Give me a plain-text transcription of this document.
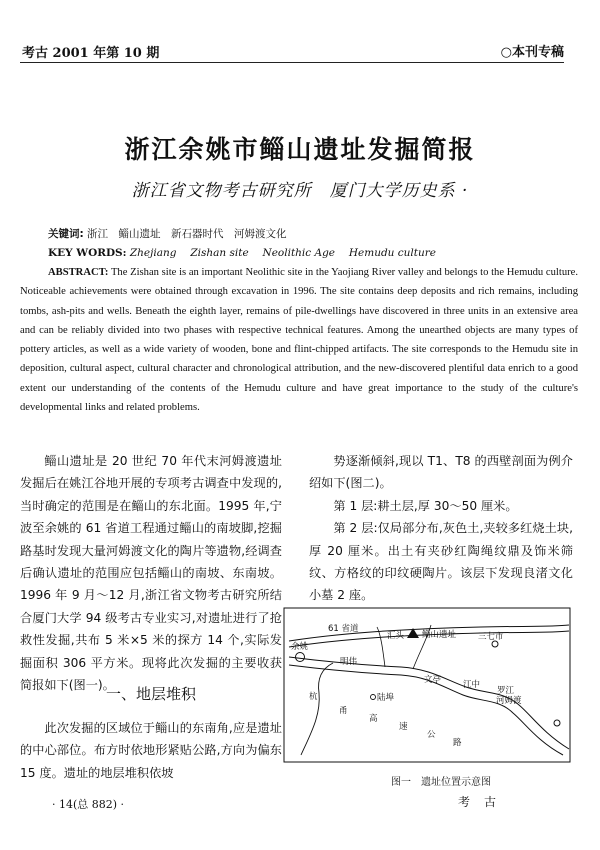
考古 2001 年第 10 期	○本刊专稿
浙江余姚市鲻山遗址发掘简报
浙江省文物考古研究所　厦门大学历史系 ·
关键词: 浙江　鲻山遗址　新石器时代　河姆渡文化
KEY WORDS: Zhejiang　 Zishan site　 Neolithic Age　 Hemudu culture
ABSTRACT: The Zishan site is an important Neolithic site in the Yaojiang River valley and belongs to the Hemudu culture. Noticeable achievements were obtained through excavation in 1996. The site contains deep deposits and rich remains, including tombs, ash-pits and wells. Beneath the eighth layer, remains of pile-dwellings have discovered in three units in an extensive area and can be reliably divided into two phases with respective technical features. Among the unearthed objects are many types of pottery articles, as well as a wide variety of wooden, bone and flint-chipped artifacts. The site corresponds to the Hemudu site in deposition, cultural aspect, cultural character and chronological attribution, and the new-discovered plentiful data enrich to a good extent our understanding of the contents of the Hemudu culture and have great importance to the study of the culture's developmental links and related problems.

鲻山遗址是 20 世纪 70 年代末河姆渡遗址发掘后在姚江谷地开展的专项考古调查中发现的,当时确定的范围是在鲻山的东北面。1995 年,宁波至余姚的 61 省道工程通过鲻山的南坡脚,挖掘路基时发现大量河姆渡文化的陶片等遗物,经调查后确认遗址的范围应包括鲻山的南坡、东南坡。1996 年 9 月～12 月,浙江省文物考古研究所结合厦门大学 94 级考古专业实习,对遗址进行了抢救性发掘,共布 5 米×5 米的探方 14 个,实际发掘面积 306 平方米。现将此次发掘的主要收获简报如下(图一)。

一、地层堆积

此次发掘的区域位于鲻山的东南角,应是遗址的中心部位。布方时依地形紧贴公路,方向为偏东 15 度。遗址的地层堆积依坡

势逐渐倾斜,现以 T1、T8 的西壁剖面为例介绍如下(图二)。

第 1 层:耕土层,厚 30～50 厘米。

第 2 层:仅局部分布,灰色土,夹较多红烧土块,厚 20 厘米。出土有夹砂红陶绳纹鼎及饰米筛纹、方格纹的印纹硬陶片。该层下发现良渚文化小墓 2 座。

61 省道
汇头 鲻山遗址	三七市
余姚
明伟
文亭	江中
罗江
河姆渡
陆埠
杭
甬
高
速
公
路
图一　遗址位置示意图
· 14(总 882) ·	考古
